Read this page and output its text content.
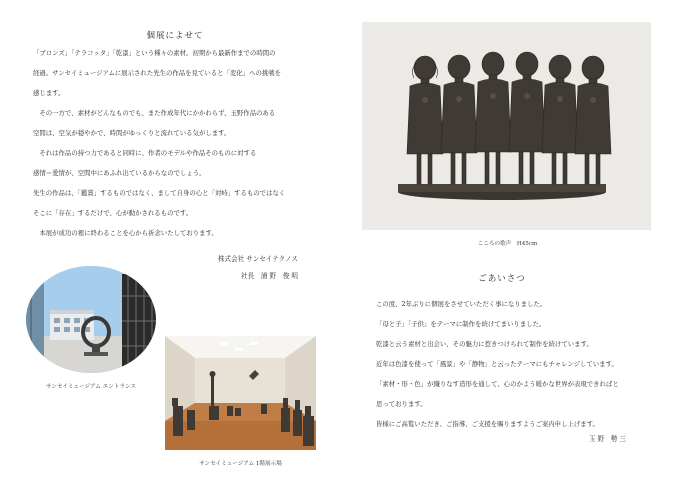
個展によせて

「ブロンズ」「テラコッタ」「乾漆」という種々の素材。初期から最新作までの時間の

経過。サンセイミュージアムに展示された先生の作品を見ていると「変化」への挑戦を

感じます。

　その一方で、素材がどんなものでも、また作成年代にかかわらず、玉野作品のある

空間は、空気が穏やかで、時間がゆっくりと流れている気がします。

　それは作品の持つ力であると同時に、作者のモデルや作品そのものに対する

感情＝愛情が、空間中にあふれ出ているからなのでしょう。

先生の作品は、「鑑賞」するものではなく、まして自身の心と「対峙」するものではなく

そこに「存在」するだけで、心が動かされるものです。

　本展が成功の裡に終わることを心から祈念いたしております。

株式会社 サンセイテクノス
社長　浦 野　俊 明
サンセイミュージアム エントランス
サンセイミュージアム 1階展示場
こころの歌声　H45cm
ごあいさつ

この度、2年ぶりに個展をさせていただく事になりました。

「母と子」「子供」をテーマに制作を続けてまいりました。

乾漆と云う素材と出会い、その魅力に惹きつけられて制作を続けています。

近年は色漆を使って「風景」や「静物」と云ったテーマにもチャレンジしています。

「素材・形・色」が織りなす造形を通して、心のかよう暖かな世界が表現できればと

思っております。

皆様にご高覧いただき、ご指導、ご支援を賜りますようご案内申し上げます。

玉 野　勢 三
